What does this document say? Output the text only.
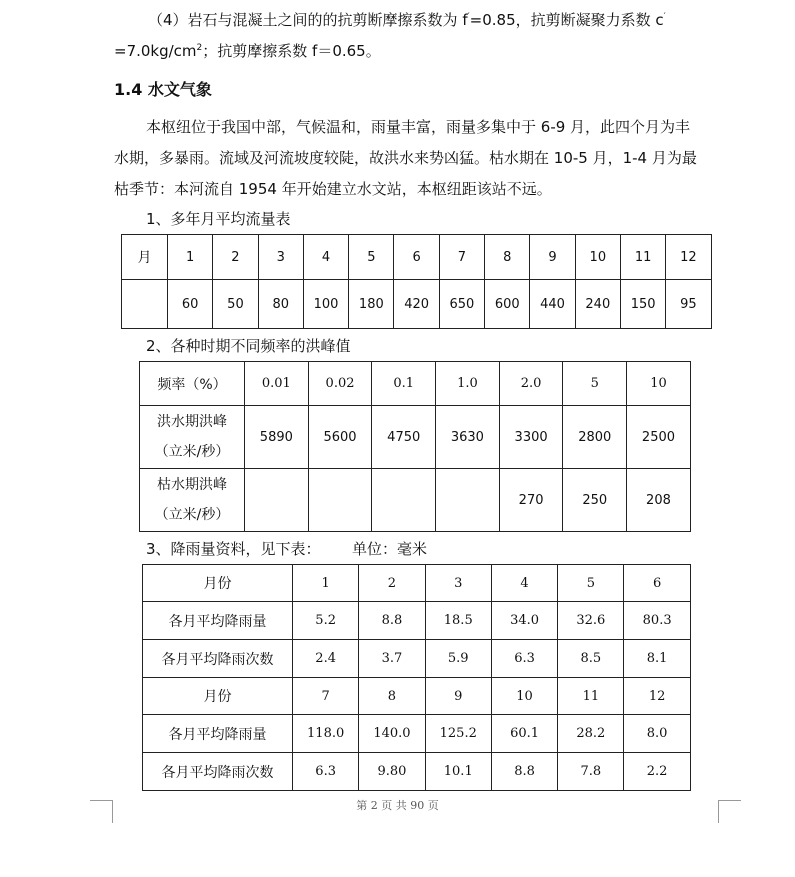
（4）岩石与混凝土之间的的抗剪断摩擦系数为 f′=0.85，抗剪断凝聚力系数 c′
$=7.0kg/cm^2$；抗剪摩擦系数 f＝0.65。
1.4 水文气象
本枢纽位于我国中部，气候温和，雨量丰富，雨量多集中于 6-9 月，此四个月为丰
水期，多暴雨。流域及河流坡度较陡，故洪水来势凶猛。枯水期在 10-5 月，1-4 月为最
枯季节：本河流自 1954 年开始建立水文站，本枢纽距该站不远。
1、多年月平均流量表
月	1	2	3	4	5	6	7	8	9	10	11	12
	60	50	80	100	180	420	650	600	440	240	150	95
2、各种时期不同频率的洪峰值
频率（%）	0.01	0.02	0.1	1.0	2.0	5	10

洪水期洪峰
（立米/秒）	5890	5600	4750	3630	3300	2800	2500

枯水期洪峰
（立米/秒）					270	250	208
3、降雨量资料，见下表： 单位：毫米
月份	1	2	3	4	5	6
各月平均降雨量	5.2	8.8	18.5	34.0	32.6	80.3
各月平均降雨次数	2.4	3.7	5.9	6.3	8.5	8.1
月份	7	8	9	10	11	12
各月平均降雨量	118.0	140.0	125.2	60.1	28.2	8.0
各月平均降雨次数	6.3	9.80	10.1	8.8	7.8	2.2
第 2 页 共 90 页
